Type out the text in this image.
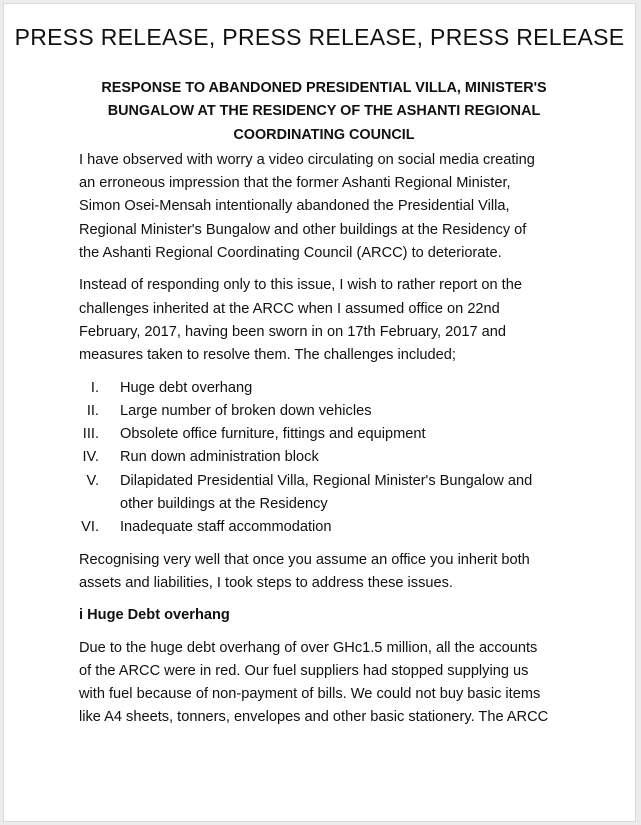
PRESS RELEASE, PRESS RELEASE, PRESS RELEASE
RESPONSE TO ABANDONED PRESIDENTIAL VILLA, MINISTER'S
BUNGALOW AT THE RESIDENCY OF THE ASHANTI REGIONAL
COORDINATING COUNCIL

I have observed with worry a video circulating on social media creating
an erroneous impression that the former Ashanti Regional Minister,
Simon Osei-Mensah intentionally abandoned the Presidential Villa,
Regional Minister's Bungalow and other buildings at the Residency of
the Ashanti Regional Coordinating Council (ARCC) to deteriorate.

Instead of responding only to this issue, I wish to rather report on the
challenges inherited at the ARCC when I assumed office on 22nd
February, 2017, having been sworn in on 17th February, 2017 and
measures taken to resolve them. The challenges included;

I. Huge debt overhang
II. Large number of broken down vehicles
III. Obsolete office furniture, fittings and equipment
IV. Run down administration block
V. Dilapidated Presidential Villa, Regional Minister's Bungalow and
other buildings at the Residency
VI. Inadequate staff accommodation

Recognising very well that once you assume an office you inherit both
assets and liabilities, I took steps to address these issues.

i Huge Debt overhang

Due to the huge debt overhang of over GHc1.5 million, all the accounts
of the ARCC were in red. Our fuel suppliers had stopped supplying us
with fuel because of non-payment of bills. We could not buy basic items
like A4 sheets, tonners, envelopes and other basic stationery. The ARCC
